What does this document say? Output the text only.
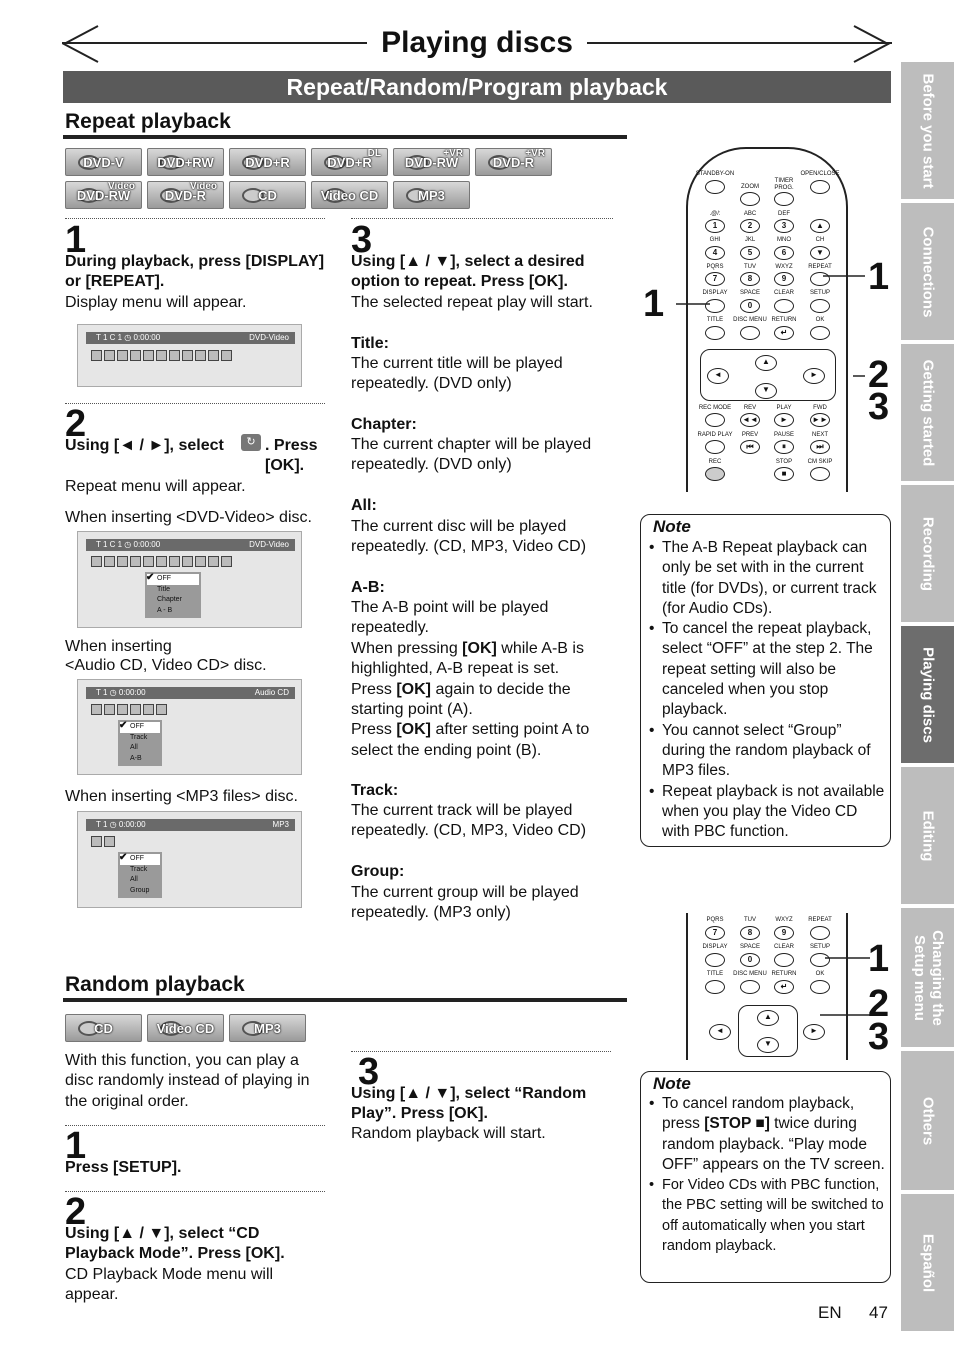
Playing discs
Repeat/Random/Program playback
Repeat playback
DVD-V	DVD+RW	DVD+R
DL
DVD+R
+VR
DVD-RW
+VR
DVD-R
Video
DVD-RW
Video
DVD-R	CD	Video CD	MP3
1
During playback, press [DISPLAY] or [REPEAT].
Display menu will appear.
T 1 C 1 ◷ 0:00:00	DVD-Video
2
Using [◄ / ►], select	↻ . Press [OK].
Repeat menu will appear.
When inserting <DVD-Video> disc.
T 1 C 1 ◷ 0:00:00	DVD-Video
✔ OFF
Title
Chapter
A - B
When inserting
<Audio CD, Video CD> disc.
T 1 ◷ 0:00:00	Audio CD
✔ OFF
Track
All
A-B
When inserting <MP3 files> disc.
T 1 ◷ 0:00:00	MP3
✔ OFF
Track
All
Group
3
Using [▲ / ▼], select a desired option to repeat. Press [OK].
The selected repeat play will start.
Title:
The current title will be played repeatedly. (DVD only)
Chapter:
The current chapter will be played repeatedly. (DVD only)
All:
The current disc will be played repeatedly. (CD, MP3, Video CD)
A-B:
The A-B point will be played repeatedly.
When pressing [OK] while A-B is highlighted, A-B repeat is set.
Press [OK] again to decide the starting point (A).
Press [OK] after setting point A to select the ending point (B).
Track:
The current track will be played repeatedly. (CD, MP3, Video CD)
Group:
The current group will be played repeatedly. (MP3 only)
STANDBY-ON	OPEN/CLOSE
ZOOM
TIMER PROG.
.@/:	ABC	DEF
1	2	3	▲
GHI	JKL	MNO	CH
4	5	6	▼
PQRS	TUV	WXYZ	REPEAT
7	8	9
DISPLAY	SPACE	CLEAR	SETUP
0
TITLE	DISC MENU RETURN	OK
↵
▲
▼
◄	►
REC MODE	REV	PLAY	FWD
◄◄	►	►►
RAPID PLAY	PREV	PAUSE	NEXT
⏮	⏸	⏭
REC	STOP	CM SKIP
■
1
1
2
3
Note
• The A-B Repeat playback can only be set with in the current title (for DVDs), or current track (for Audio CDs).
• To cancel the repeat playback, select “OFF” at the step 2. The repeat setting will also be canceled when you stop playback.
• You cannot select “Group” during the random playback of MP3 files.
• Repeat playback is not available when you play the Video CD with PBC function.
Random playback
CD	Video CD	MP3
With this function, you can play a disc randomly instead of playing in the original order.
1
Press [SETUP].
2
Using [▲ / ▼], select “CD Playback Mode”. Press [OK].
CD Playback Mode menu will appear.
3
Using [▲ / ▼], select “Random Play”. Press [OK].
Random playback will start.
PQRS	TUV	WXYZ	REPEAT
7	8	9
DISPLAY	SPACE	CLEAR	SETUP
0
TITLE	DISC MENU RETURN	OK
↵
▲
▼
◄	►
1
2
3
Note
• To cancel random playback, press [STOP ■] twice during random playback. “Play mode OFF” appears on the TV screen.
• For Video CDs with PBC function, the PBC setting will be switched to off automatically when you start random playback.
EN 47
Before you start
Connections
Getting started
Recording
Playing discs
Editing
Changing the Setup menu
Others
Español
